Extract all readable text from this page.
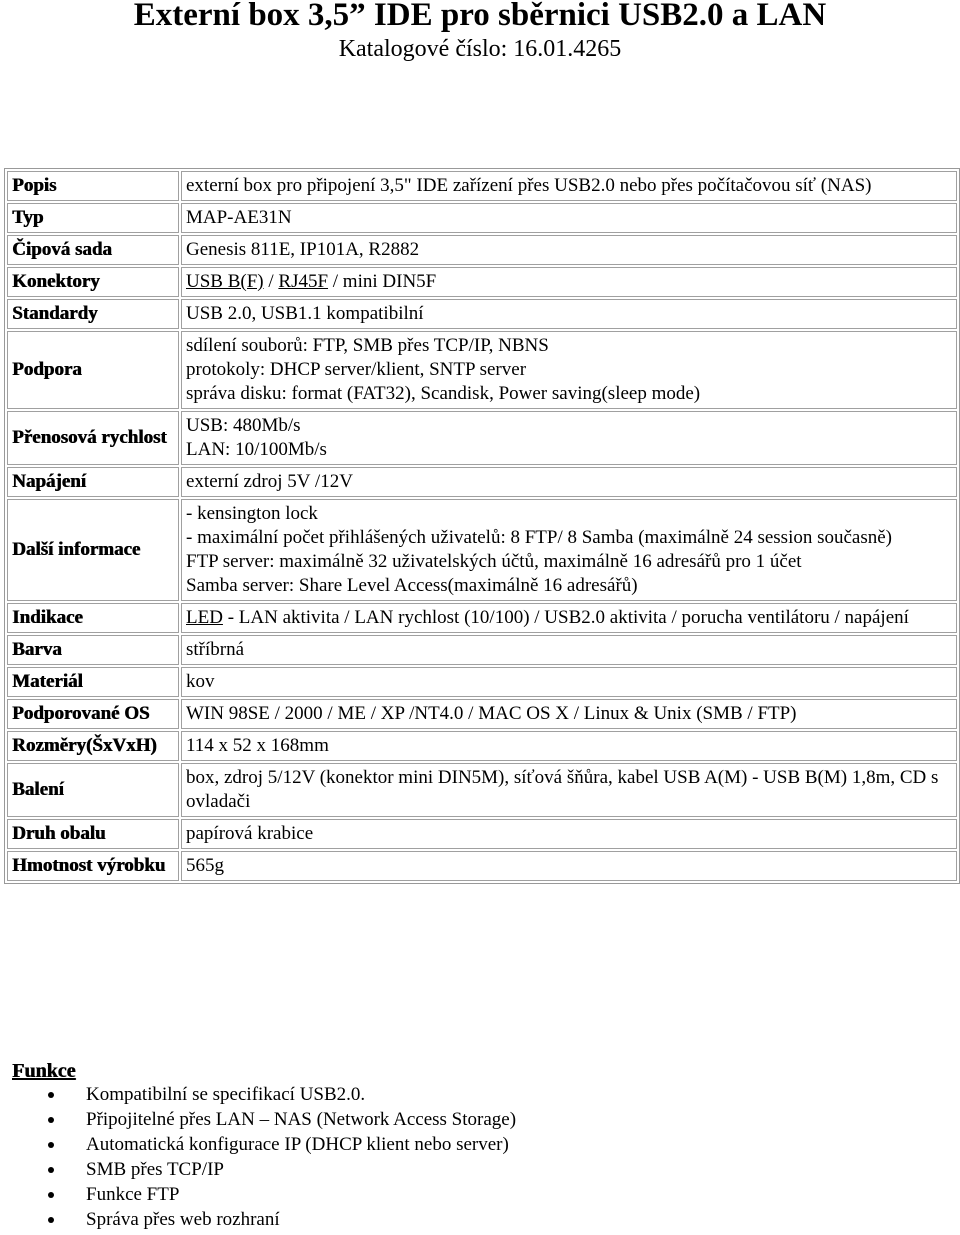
Externí box 3,5” IDE pro sběrnici USB2.0 a LAN
Katalogové číslo: 16.01.4265
Popis	externí box pro připojení 3,5" IDE zařízení přes USB2.0 nebo přes počítačovou síť (NAS)
Typ	MAP-AE31N
Čipová sada	Genesis 811E, IP101A, R2882
Konektory	USB B(F) / RJ45F / mini DIN5F
Standardy	USB 2.0, USB1.1 kompatibilní
Podpora	sdílení souborů: FTP, SMB přes TCP/IP, NBNS
protokoly: DHCP server/klient, SNTP server
správa disku: format (FAT32), Scandisk, Power saving(sleep mode)

Přenosová rychlost	USB: 480Mb/s
LAN: 10/100Mb/s

Napájení	externí zdroj 5V /12V
Další informace	- kensington lock
- maximální počet přihlášených uživatelů: 8 FTP/ 8 Samba (maximálně 24 session současně)
FTP server: maximálně 32 uživatelských účtů, maximálně 16 adresářů pro 1 účet
Samba server: Share Level Access(maximálně 16 adresářů)

Indikace	LED - LAN aktivita / LAN rychlost (10/100) / USB2.0 aktivita / porucha ventilátoru / napájení
Barva	stříbrná
Materiál	kov
Podporované OS	WIN 98SE / 2000 / ME / XP /NT4.0 / MAC OS X / Linux & Unix (SMB / FTP)
Rozměry(ŠxVxH)	114 x 52 x 168mm
Balení	box, zdroj 5/12V (konektor mini DIN5M), síťová šňůra, kabel USB A(M) - USB B(M) 1,8m, CD s ovladači
Druh obalu	papírová krabice
Hmotnost výrobku	565g
Funkce
Kompatibilní se specifikací USB2.0.
Připojitelné přes LAN – NAS (Network Access Storage)
Automatická konfigurace IP (DHCP klient nebo server)
SMB přes TCP/IP
Funkce FTP
Správa přes web rozhraní
